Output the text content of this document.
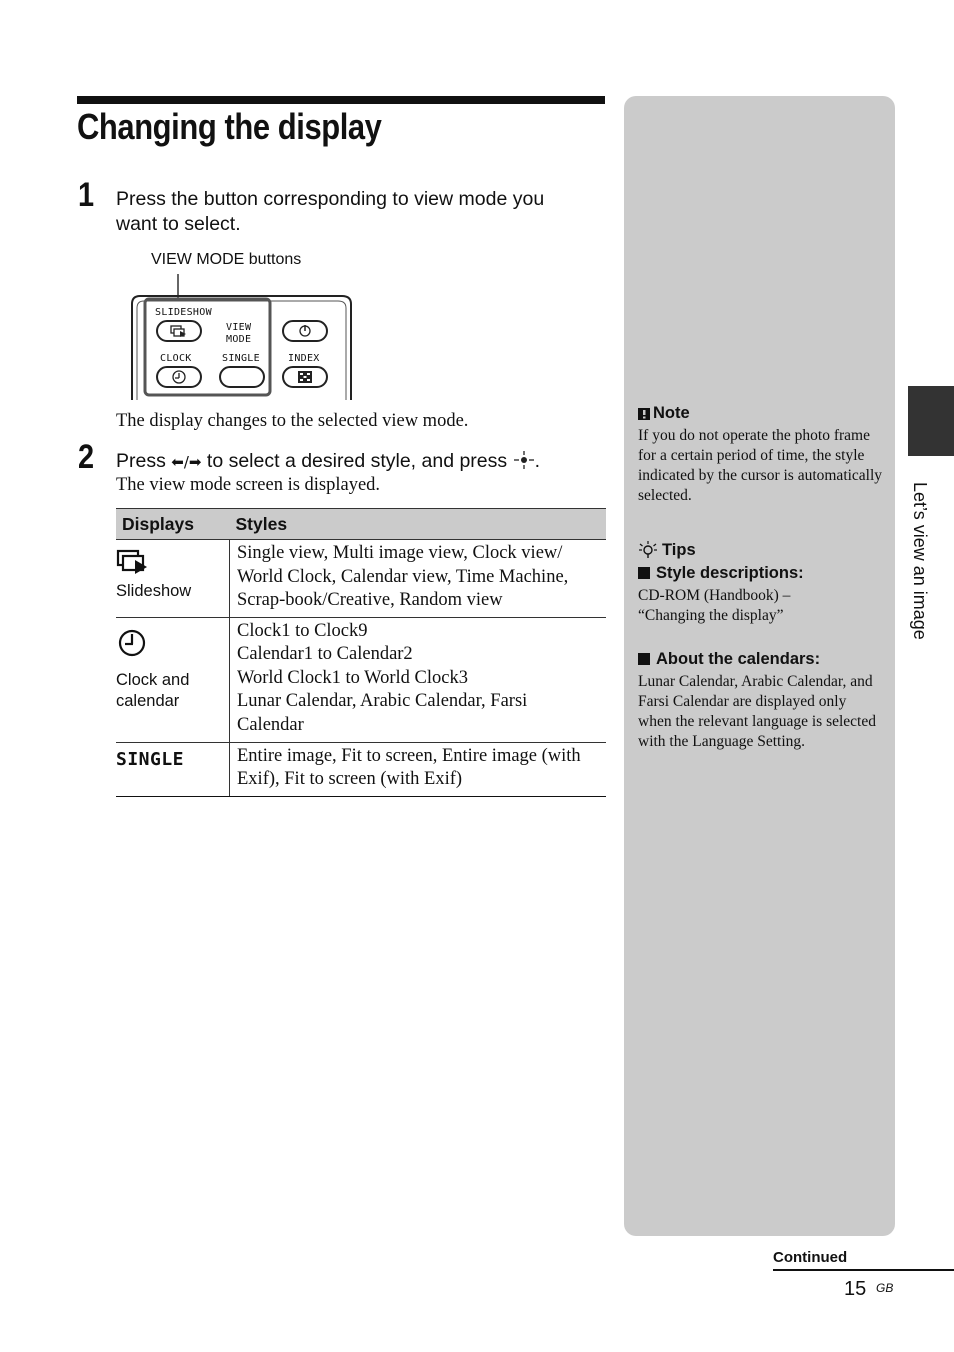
Changing the display
1 Press the button corresponding to view mode you want to select.
VIEW MODE buttons
SLIDESHOW
VIEW
MODE
CLOCK	SINGLE	INDEX
The display changes to the selected view mode.
2 Press ⬅/➡ to select a desired style, and press .
The view mode screen is displayed.
Displays	Styles

Slideshow	Single view, Multi image view, Clock view/
World Clock, Calendar view, Time Machine,
Scrap-book/Creative, Random view

Clock and calendar	Clock1 to Clock9
Calendar1 to Calendar2
World Clock1 to World Clock3
Lunar Calendar, Arabic Calendar, Farsi
Calendar

SINGLE	Entire image, Fit to screen, Entire image (with
Exif), Fit to screen (with Exif)
Note
If you do not operate the photo frame for a certain period of time, the style indicated by the cursor is automatically selected.
Tips
Style descriptions:
CD-ROM (Handbook) – “Changing the display”
About the calendars:
Lunar Calendar, Arabic Calendar, and Farsi Calendar are displayed only when the relevant language is selected with the Language Setting.
Let’s view an image
Continued
15 GB
